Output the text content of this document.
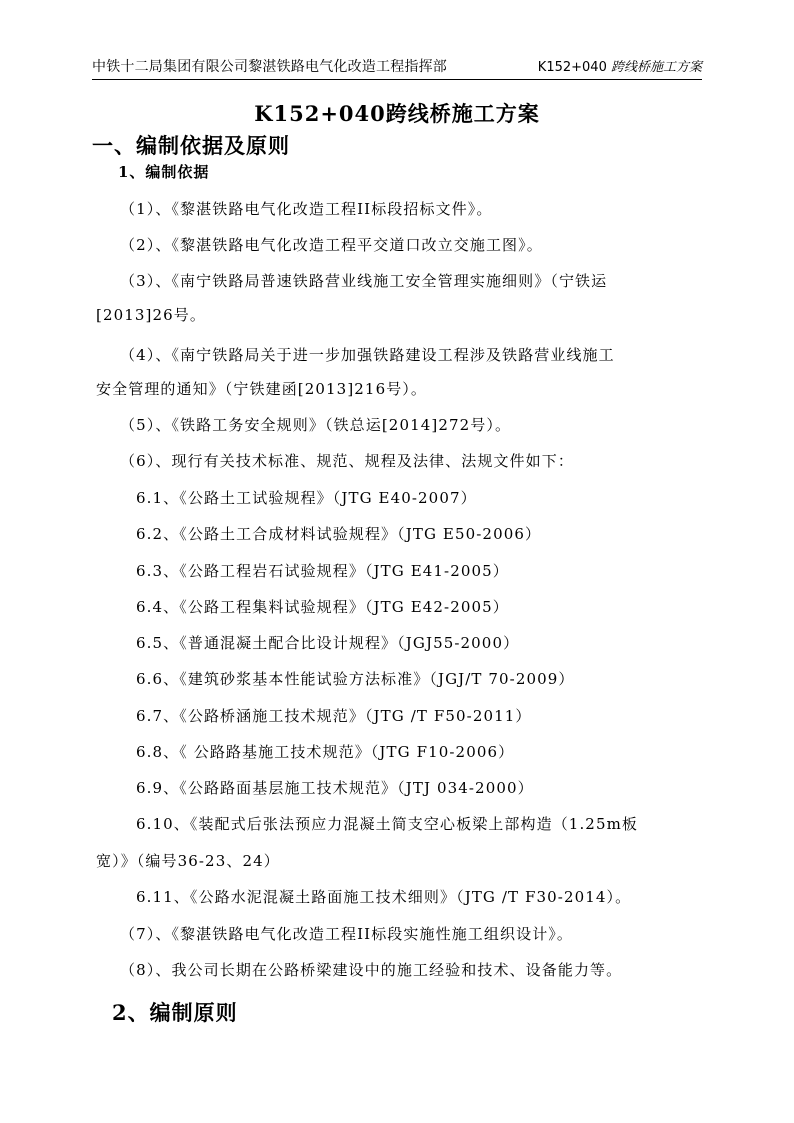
中铁十二局集团有限公司黎湛铁路电气化改造工程指挥部	K152+040 跨线桥施工方案
K152+040跨线桥施工方案
一、编制依据及原则
1、编制依据
（1）、《黎湛铁路电气化改造工程II标段招标文件》。
（2）、《黎湛铁路电气化改造工程平交道口改立交施工图》。
（3）、《南宁铁路局普速铁路营业线施工安全管理实施细则》（宁铁运
[2013]26号。
（4）、《南宁铁路局关于进一步加强铁路建设工程涉及铁路营业线施工
安全管理的通知》（宁铁建函[2013]216号）。
（5）、《铁路工务安全规则》（铁总运[2014]272号）。
（6）、现行有关技术标准、规范、规程及法律、法规文件如下：
6.1、《公路土工试验规程》（JTG E40-2007）
6.2、《公路土工合成材料试验规程》（JTG E50-2006）
6.3、《公路工程岩石试验规程》（JTG E41-2005）
6.4、《公路工程集料试验规程》（JTG E42-2005）
6.5、《普通混凝土配合比设计规程》（JGJ55-2000）
6.6、《建筑砂浆基本性能试验方法标准》（JGJ/T 70-2009）
6.7、《公路桥涵施工技术规范》（JTG /T F50-2011）
6.8、《 公路路基施工技术规范》（JTG F10-2006）
6.9、《公路路面基层施工技术规范》（JTJ 034-2000）
6.10、《装配式后张法预应力混凝土简支空心板梁上部构造（1.25m板
宽）》（编号36-23、24）
6.11、《公路水泥混凝土路面施工技术细则》（JTG /T F30-2014）。
（7）、《黎湛铁路电气化改造工程II标段实施性施工组织设计》。
（8）、我公司长期在公路桥梁建设中的施工经验和技术、设备能力等。
2、编制原则
